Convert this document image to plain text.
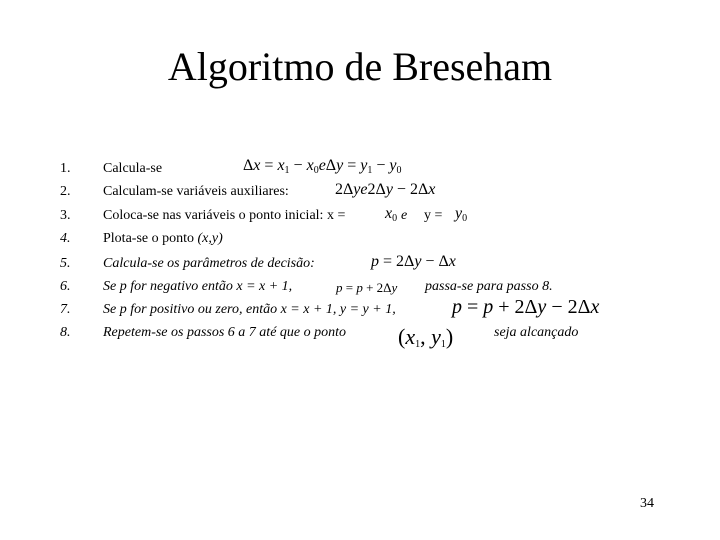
Algoritmo de Breseham
1.
2.
3.
4.
5.
6.
7.
8.
Calcula-se	$\Delta x = x_1 - x_0e\Delta y = y_1 - y_0$
Calculam-se variáveis auxiliares:	2Δye2Δy − 2Δx
Coloca-se nas variáveis o ponto inicial: $x = x_0$ e $y = y_0$
Plota-se o ponto (x,y)
Calcula-se os parâmetros de decisão:	p = 2Δy − Δx
Se p for negativo então x = x + 1,	p = p + 2Δy passa-se para passo 8.
Se p for positivo ou zero, então x = x + 1, y = y + 1,	p = p + 2Δy − 2Δx
Repetem-se os passos 6 a 7 até que o ponto ($x_1$, $y_1$)	seja alcançado
34
